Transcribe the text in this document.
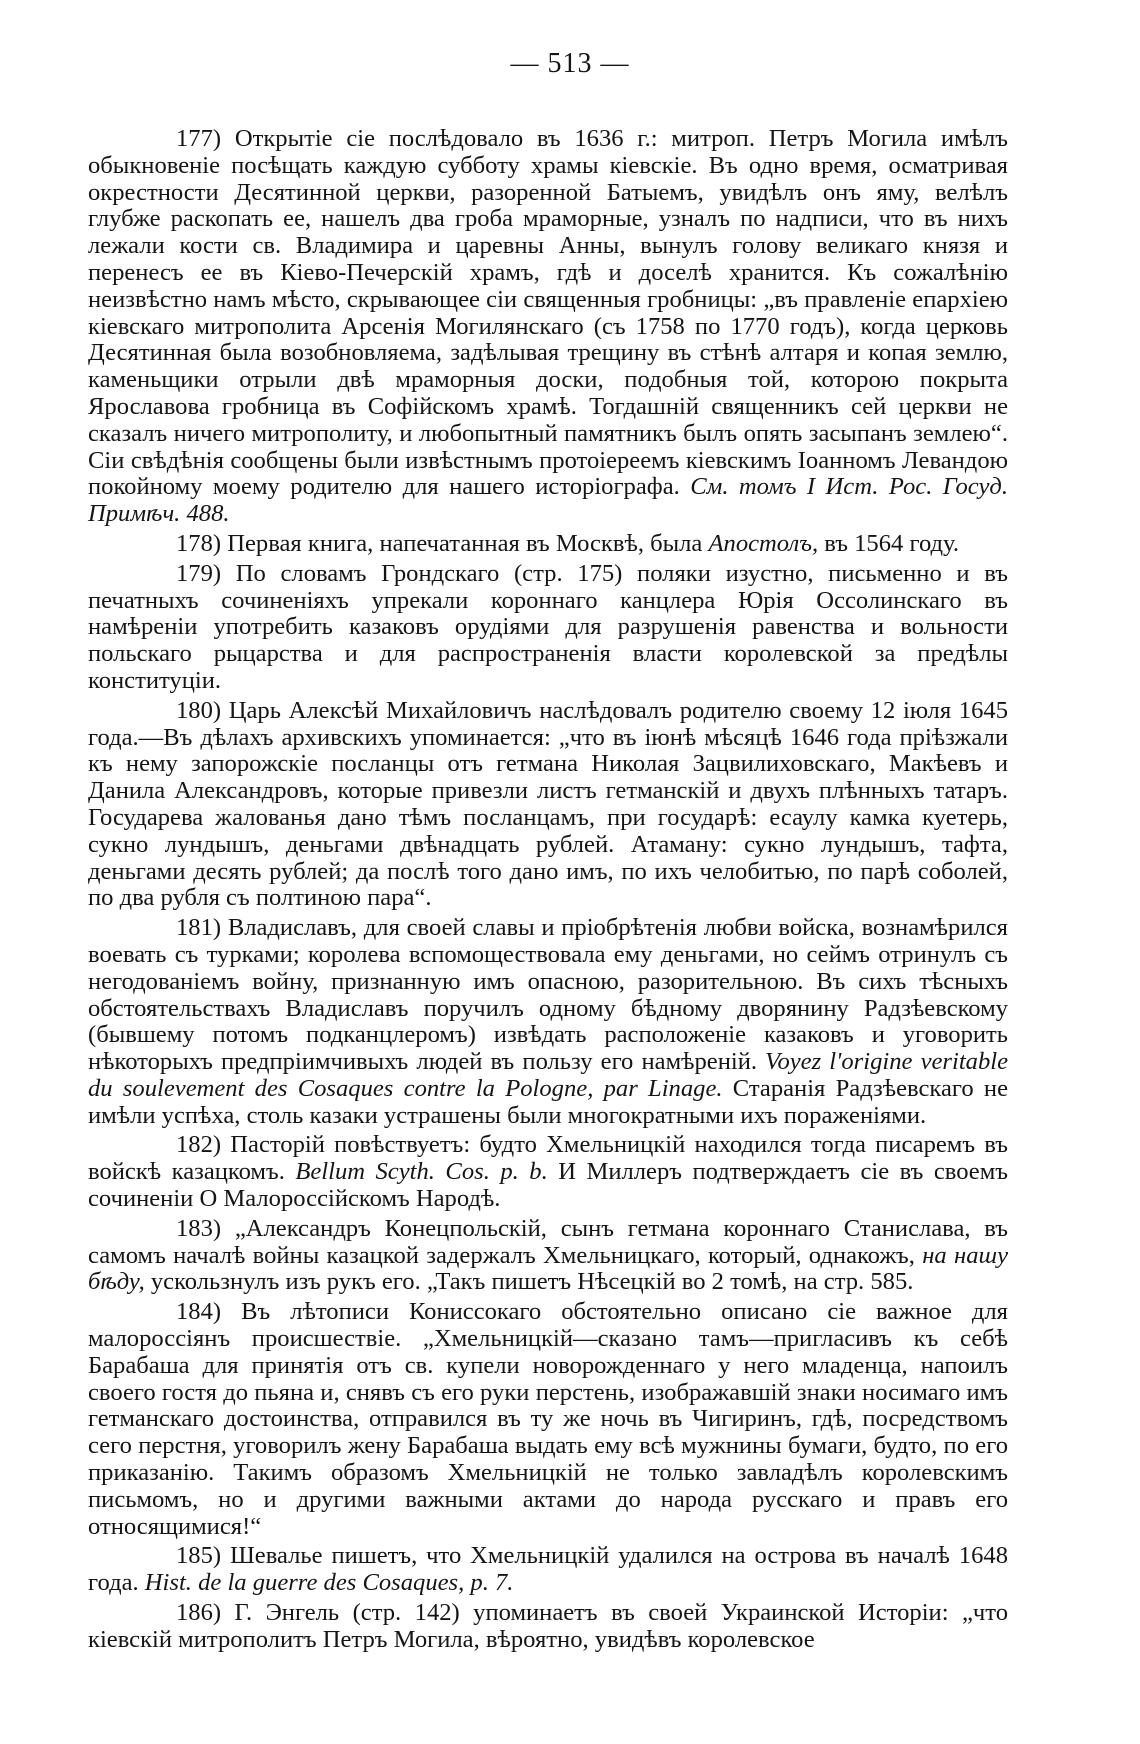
— 513 —

177) Открытіе сіе послѣдовало въ 1636 г.: митроп. Петръ Могила имѣлъ обыкновеніе посѣщать каждую субботу храмы кіевскіе. Въ одно время, осматривая окрестности Десятинной церкви, разоренной Батыемъ, увидѣлъ онъ яму, велѣлъ глубже раскопать ее, нашелъ два гроба мраморные, узналъ по надписи, что въ нихъ лежали кости св. Владимира и царевны Анны, вынулъ голову великаго князя и перенесъ ее въ Кіево-Печерскій храмъ, гдѣ и доселѣ хранится. Къ сожалѣнію неизвѣстно намъ мѣсто, скрывающее сіи священныя гробницы: „въ правленіе епархіею кіевскаго митрополита Арсенія Могилянскаго (съ 1758 по 1770 годъ), когда церковь Десятинная была возобновляема, задѣлывая трещину въ стѣнѣ алтаря и копая землю, каменьщики отрыли двѣ мраморныя доски, подобныя той, которою покрыта Ярославова гробница въ Софійскомъ храмѣ. Тогдашній священникъ сей церкви не сказалъ ничего митрополиту, и любопытный памятникъ былъ опять засыпанъ землею“. Сіи свѣдѣнія сообщены были извѣстнымъ протоіереемъ кіевскимъ Іоанномъ Левандою покойному моему родителю для нашего исторіографа. См. томъ I Ист. Рос. Госуд. Примѣч. 488.

178) Первая книга, напечатанная въ Москвѣ, была Апостолъ, въ 1564 году.

179) По словамъ Грондскаго (стр. 175) поляки изустно, письменно и въ печатныхъ сочиненіяхъ упрекали короннаго канцлера Юрія Оссолинскаго въ намѣреніи употребить казаковъ орудіями для разрушенія равенства и вольности польскаго рыцарства и для распространенія власти королевской за предѣлы конституціи.

180) Царь Алексѣй Михайловичъ наслѣдовалъ родителю своему 12 іюля 1645 года.—Въ дѣлахъ архивскихъ упоминается: „что въ іюнѣ мѣсяцѣ 1646 года пріѣзжали къ нему запорожскіе посланцы отъ гетмана Николая Зацвилиховскаго, Макѣевъ и Данила Александровъ, которые привезли листъ гетманскій и двухъ плѣнныхъ татаръ. Государева жалованья дано тѣмъ посланцамъ, при государѣ: есаулу камка куетерь, сукно лундышъ, деньгами двѣнадцать рублей. Атаману: сукно лундышъ, тафта, деньгами десять рублей; да послѣ того дано имъ, по ихъ челобитью, по парѣ соболей, по два рубля съ полтиною пара“.

181) Владиславъ, для своей славы и пріобрѣтенія любви войска, вознамѣрился воевать съ турками; королева вспомоществовала ему деньгами, но сеймъ отринулъ съ негодованіемъ войну, признанную имъ опасною, разорительною. Въ сихъ тѣсныхъ обстоятельствахъ Владиславъ поручилъ одному бѣдному дворянину Радзѣевскому (бывшему потомъ подканцлеромъ) извѣдать расположеніе казаковъ и уговорить нѣкоторыхъ предпріимчивыхъ людей въ пользу его намѣреній. Voyez l'origine veritable du soulevement des Cosaques contre la Pologne, par Linage. Старанія Радзѣевскаго не имѣли успѣха, столь казаки устрашены были многократными ихъ пораженіями.

182) Пасторій повѣствуетъ: будто Хмельницкій находился тогда писаремъ въ войскѣ казацкомъ. Bellum Scyth. Cos. p. b. И Миллеръ подтверждаетъ сіе въ своемъ сочиненіи О Малороссійскомъ Народѣ.

183) „Александръ Конецпольскій, сынъ гетмана короннаго Станислава, въ самомъ началѣ войны казацкой задержалъ Хмельницкаго, который, однакожъ, на нашу бѣду, ускользнулъ изъ рукъ его. „Такъ пишетъ Нѣсецкій во 2 томѣ, на стр. 585.

184) Въ лѣтописи Кониссокаго обстоятельно описано сіе важное для малороссіянъ происшествіе. „Хмельницкій—сказано тамъ—пригласивъ къ себѣ Барабаша для принятія отъ св. купели новорожденнаго у него младенца, напоилъ своего гостя до пьяна и, снявъ съ его руки перстень, изображавшій знаки носимаго имъ гетманскаго достоинства, отправился въ ту же ночь въ Чигиринъ, гдѣ, посредствомъ сего перстня, уговорилъ жену Барабаша выдать ему всѣ мужнины бумаги, будто, по его приказанію. Такимъ образомъ Хмельницкій не только завладѣлъ королевскимъ письмомъ, но и другими важными актами до народа русскаго и правъ его относящимися!“

185) Шевалье пишетъ, что Хмельницкій удалился на острова въ началѣ 1648 года. Hist. de la guerre des Cosaques, p. 7.

186) Г. Энгель (стр. 142) упоминаетъ въ своей Украинской Исторіи: „что кіевскій митрополитъ Петръ Могила, вѣроятно, увидѣвъ королевское
